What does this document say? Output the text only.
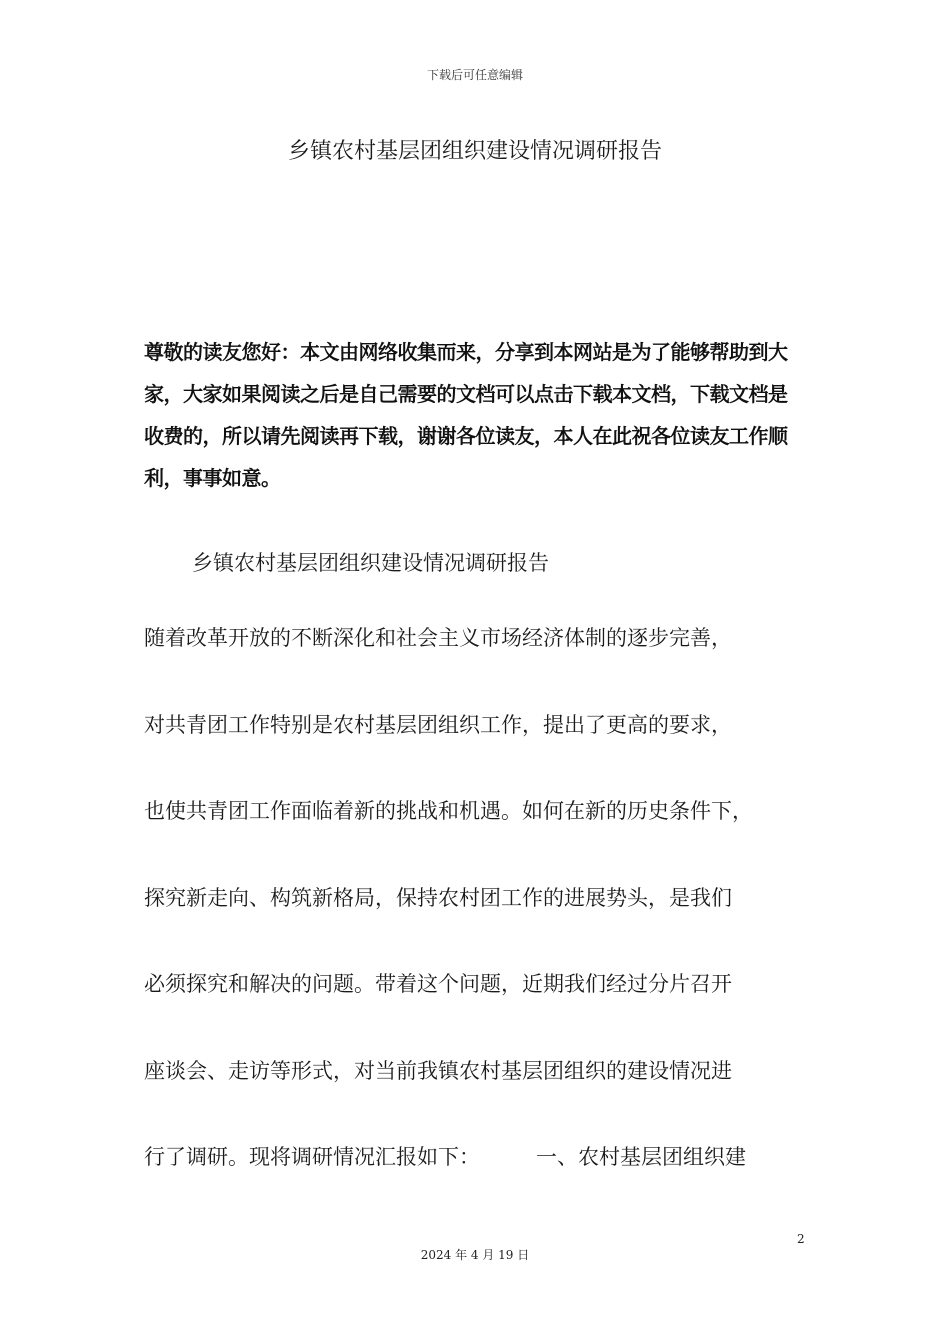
下载后可任意编辑
乡镇农村基层团组织建设情况调研报告
尊敬的读友您好：本文由网络收集而来，分享到本网站是为了能够帮助到大
家，大家如果阅读之后是自己需要的文档可以点击下载本文档，下载文档是
收费的，所以请先阅读再下载，谢谢各位读友，本人在此祝各位读友工作顺
利，事事如意。
乡镇农村基层团组织建设情况调研报告
随着改革开放的不断深化和社会主义市场经济体制的逐步完善，
对共青团工作特别是农村基层团组织工作，提出了更高的要求，
也使共青团工作面临着新的挑战和机遇。如何在新的历史条件下，
探究新走向、构筑新格局，保持农村团工作的进展势头，是我们
必须探究和解决的问题。带着这个问题，近期我们经过分片召开
座谈会、走访等形式，对当前我镇农村基层团组织的建设情况进
行了调研。现将调研情况汇报如下：	一、农村基层团组织建
2
2024 年 4 月 19 日
